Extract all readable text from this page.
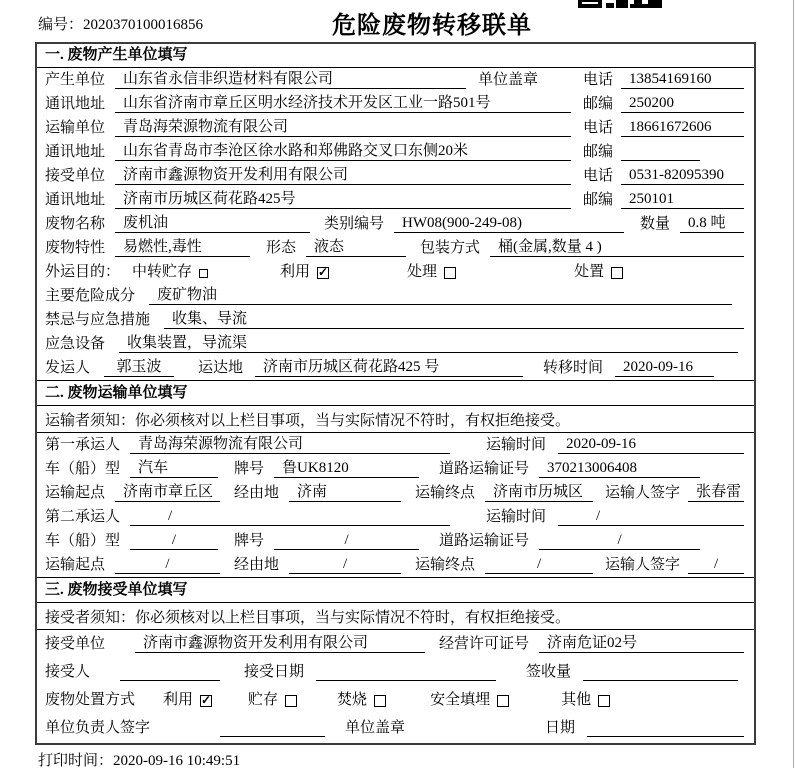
编号：2020370100016856	危险废物转移联单
一. 废物产生单位填写
产生单位	山东省永信非织造材料有限公司	单位盖章	电话	13854169160
通讯地址	山东省济南市章丘区明水经济技术开发区工业一路501号	邮编	250200
运输单位	青岛海荣源物流有限公司	电话	18661672606
通讯地址	山东省青岛市李沧区徐水路和郑佛路交叉口东侧20米	邮编
接受单位	济南市鑫源物资开发利用有限公司	电话	0531-82095390
通讯地址	济南市历城区荷花路425号	邮编	250101
废物名称	废机油	类别编号	HW08(900-249-08)	数量	0.8 吨
废物特性	易燃性,毒性	形态	液态	包装方式	桶(金属,数量 4 )
外运目的： 中转贮存	利用 ✓	处理	处置
主要危险成分	废矿物油
禁忌与应急措施	收集、导流
应急设备	收集装置，导流渠
发运人	郭玉波	运达地	济南市历城区荷花路425 号	转移时间	2020-09-16
二. 废物运输单位填写
运输者须知：你必须核对以上栏目事项，当与实际情况不符时，有权拒绝接受。
第一承运人	青岛海荣源物流有限公司	运输时间	2020-09-16
车（船）型	汽车	牌号	鲁UK8120	道路运输证号	370213006408
运输起点	济南市章丘区	经由地	济南	运输终点	济南市历城区	运输人签字	张春雷
第二承运人	/	运输时间	/
车（船）型	/	牌号	/	道路运输证号	/
运输起点	/	经由地	/	运输终点	/	运输人签字	/
三. 废物接受单位填写
接受者须知：你必须核对以上栏目事项，当与实际情况不符时，有权拒绝接受。
接受单位	济南市鑫源物资开发利用有限公司	经营许可证号	济南危证02号
接受人	接受日期	签收量
废物处置方式 利用 ✓ 贮存	焚烧	安全填埋	其他
单位负责人签字	单位盖章	日期
打印时间：2020-09-16 10:49:51
